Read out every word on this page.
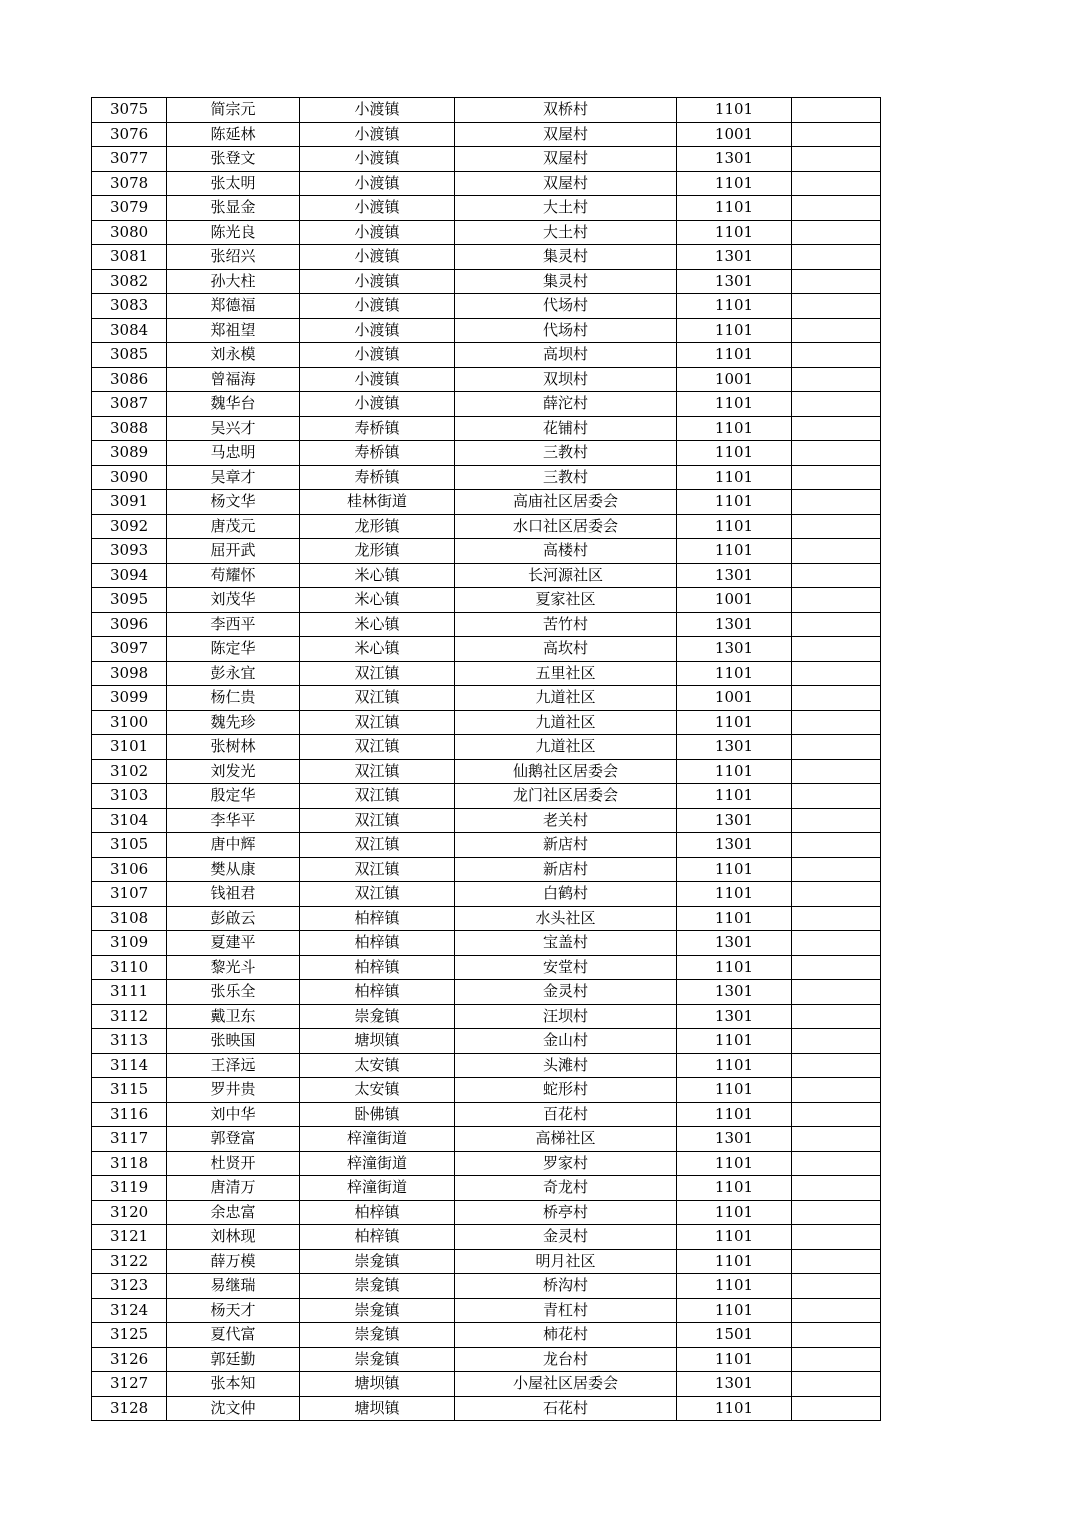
3075	简宗元	小渡镇	双桥村	1101	
3076	陈延林	小渡镇	双屋村	1001	
3077	张登文	小渡镇	双屋村	1301	
3078	张太明	小渡镇	双屋村	1101	
3079	张显金	小渡镇	大土村	1101	
3080	陈光良	小渡镇	大土村	1101	
3081	张绍兴	小渡镇	集灵村	1301	
3082	孙大柱	小渡镇	集灵村	1301	
3083	郑德福	小渡镇	代场村	1101	
3084	郑祖望	小渡镇	代场村	1101	
3085	刘永模	小渡镇	高坝村	1101	
3086	曾福海	小渡镇	双坝村	1001	
3087	魏华台	小渡镇	薛沱村	1101	
3088	吴兴才	寿桥镇	花铺村	1101	
3089	马忠明	寿桥镇	三教村	1101	
3090	吴章才	寿桥镇	三教村	1101	
3091	杨文华	桂林街道	高庙社区居委会	1101	
3092	唐茂元	龙形镇	水口社区居委会	1101	
3093	屈开武	龙形镇	高楼村	1101	
3094	苟耀怀	米心镇	长河源社区	1301	
3095	刘茂华	米心镇	夏家社区	1001	
3096	李西平	米心镇	苦竹村	1301	
3097	陈定华	米心镇	高坎村	1301	
3098	彭永宜	双江镇	五里社区	1101	
3099	杨仁贵	双江镇	九道社区	1001	
3100	魏先珍	双江镇	九道社区	1101	
3101	张树林	双江镇	九道社区	1301	
3102	刘发光	双江镇	仙鹅社区居委会	1101	
3103	殷定华	双江镇	龙门社区居委会	1101	
3104	李华平	双江镇	老关村	1301	
3105	唐中辉	双江镇	新店村	1301	
3106	樊从康	双江镇	新店村	1101	
3107	钱祖君	双江镇	白鹤村	1101	
3108	彭啟云	柏梓镇	水头社区	1101	
3109	夏建平	柏梓镇	宝盖村	1301	
3110	黎光斗	柏梓镇	安堂村	1101	
3111	张乐全	柏梓镇	金灵村	1301	
3112	戴卫东	崇龛镇	汪坝村	1301	
3113	张映国	塘坝镇	金山村	1101	
3114	王泽远	太安镇	头滩村	1101	
3115	罗井贵	太安镇	蛇形村	1101	
3116	刘中华	卧佛镇	百花村	1101	
3117	郭登富	梓潼街道	高梯社区	1301	
3118	杜贤开	梓潼街道	罗家村	1101	
3119	唐清万	梓潼街道	奇龙村	1101	
3120	余忠富	柏梓镇	桥亭村	1101	
3121	刘林现	柏梓镇	金灵村	1101	
3122	薛万模	崇龛镇	明月社区	1101	
3123	易继瑞	崇龛镇	桥沟村	1101	
3124	杨天才	崇龛镇	青杠村	1101	
3125	夏代富	崇龛镇	柿花村	1501	
3126	郭廷勤	崇龛镇	龙台村	1101	
3127	张本知	塘坝镇	小屋社区居委会	1301	
3128	沈文仲	塘坝镇	石花村	1101	
